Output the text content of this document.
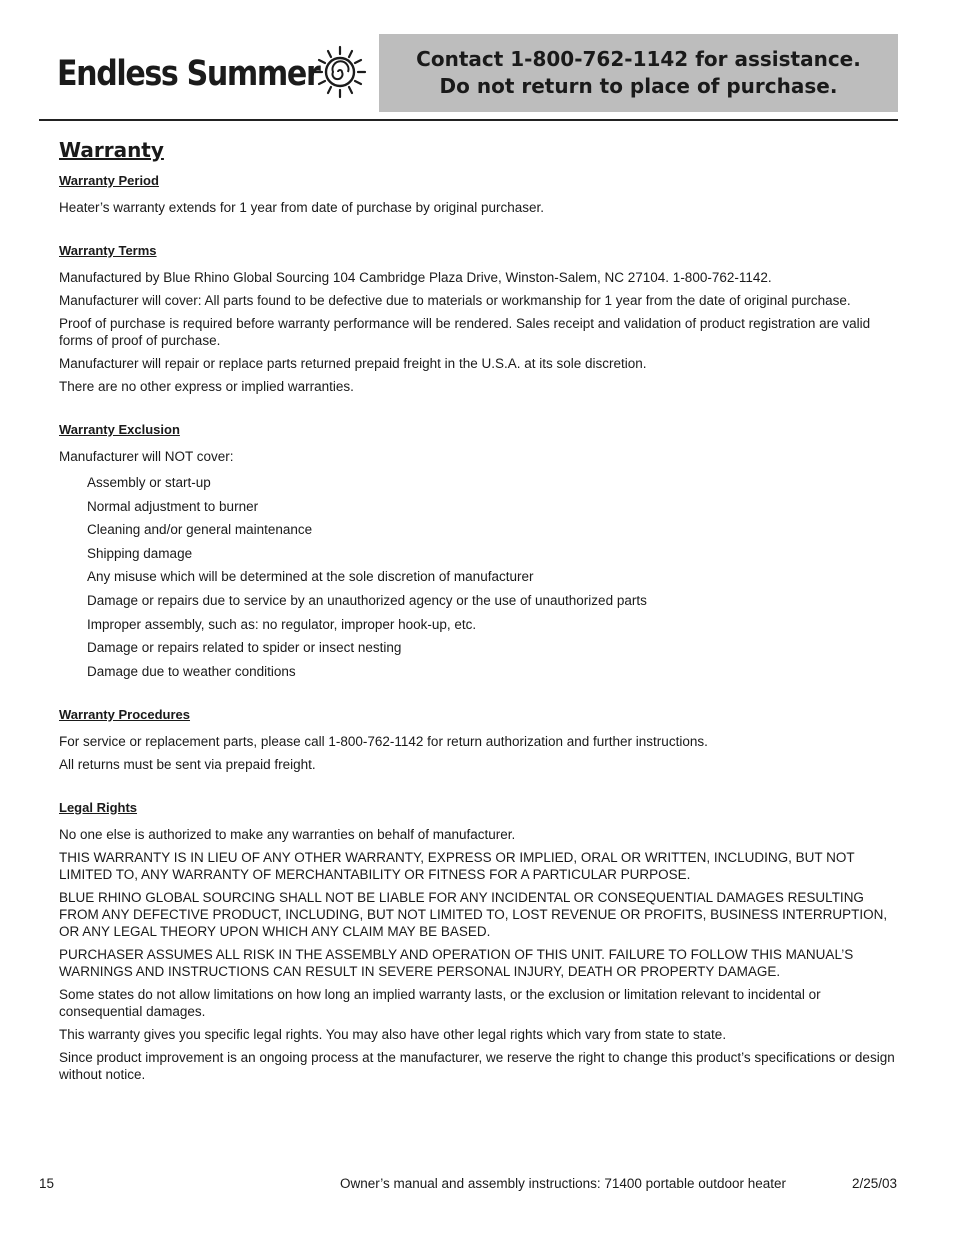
Endless Summer	Contact 1-800-762-1142 for assistance.
Do not return to place of purchase.
Warranty
Warranty Period

Heater’s warranty extends for 1 year from date of purchase by original purchaser.

Warranty Terms

Manufactured by Blue Rhino Global Sourcing 104 Cambridge Plaza Drive, Winston-Salem, NC 27104. 1-800-762-1142.

Manufacturer will cover: All parts found to be defective due to materials or workmanship for 1 year from the date of original purchase.

Proof of purchase is required before warranty performance will be rendered. Sales receipt and validation of product registration are valid forms of proof of purchase.

Manufacturer will repair or replace parts returned prepaid freight in the U.S.A. at its sole discretion.

There are no other express or implied warranties.

Warranty Exclusion

Manufacturer will NOT cover:

Assembly or start-up

Normal adjustment to burner

Cleaning and/or general maintenance

Shipping damage

Any misuse which will be determined at the sole discretion of manufacturer

Damage or repairs due to service by an unauthorized agency or the use of unauthorized parts

Improper assembly, such as: no regulator, improper hook-up, etc.

Damage or repairs related to spider or insect nesting

Damage due to weather conditions

Warranty Procedures

For service or replacement parts, please call 1-800-762-1142 for return authorization and further instructions.

All returns must be sent via prepaid freight.

Legal Rights

No one else is authorized to make any warranties on behalf of manufacturer.

THIS WARRANTY IS IN LIEU OF ANY OTHER WARRANTY, EXPRESS OR IMPLIED, ORAL OR WRITTEN, INCLUDING, BUT NOT LIMITED TO, ANY WARRANTY OF MERCHANTABILITY OR FITNESS FOR A PARTICULAR PURPOSE.

BLUE RHINO GLOBAL SOURCING SHALL NOT BE LIABLE FOR ANY INCIDENTAL OR CONSEQUENTIAL DAMAGES RESULTING FROM ANY DEFECTIVE PRODUCT, INCLUDING, BUT NOT LIMITED TO, LOST REVENUE OR PROFITS, BUSINESS INTERRUPTION, OR ANY LEGAL THEORY UPON WHICH ANY CLAIM MAY BE BASED.

PURCHASER ASSUMES ALL RISK IN THE ASSEMBLY AND OPERATION OF THIS UNIT. FAILURE TO FOLLOW THIS MANUAL’S WARNINGS AND INSTRUCTIONS CAN RESULT IN SEVERE PERSONAL INJURY, DEATH OR PROPERTY DAMAGE.

Some states do not allow limitations on how long an implied warranty lasts, or the exclusion or limitation relevant to incidental or consequential damages.

This warranty gives you specific legal rights. You may also have other legal rights which vary from state to state.

Since product improvement is an ongoing process at the manufacturer, we reserve the right to change this product’s specifications or design without notice.

15	Owner’s manual and assembly instructions: 71400 portable outdoor heater	2/25/03
